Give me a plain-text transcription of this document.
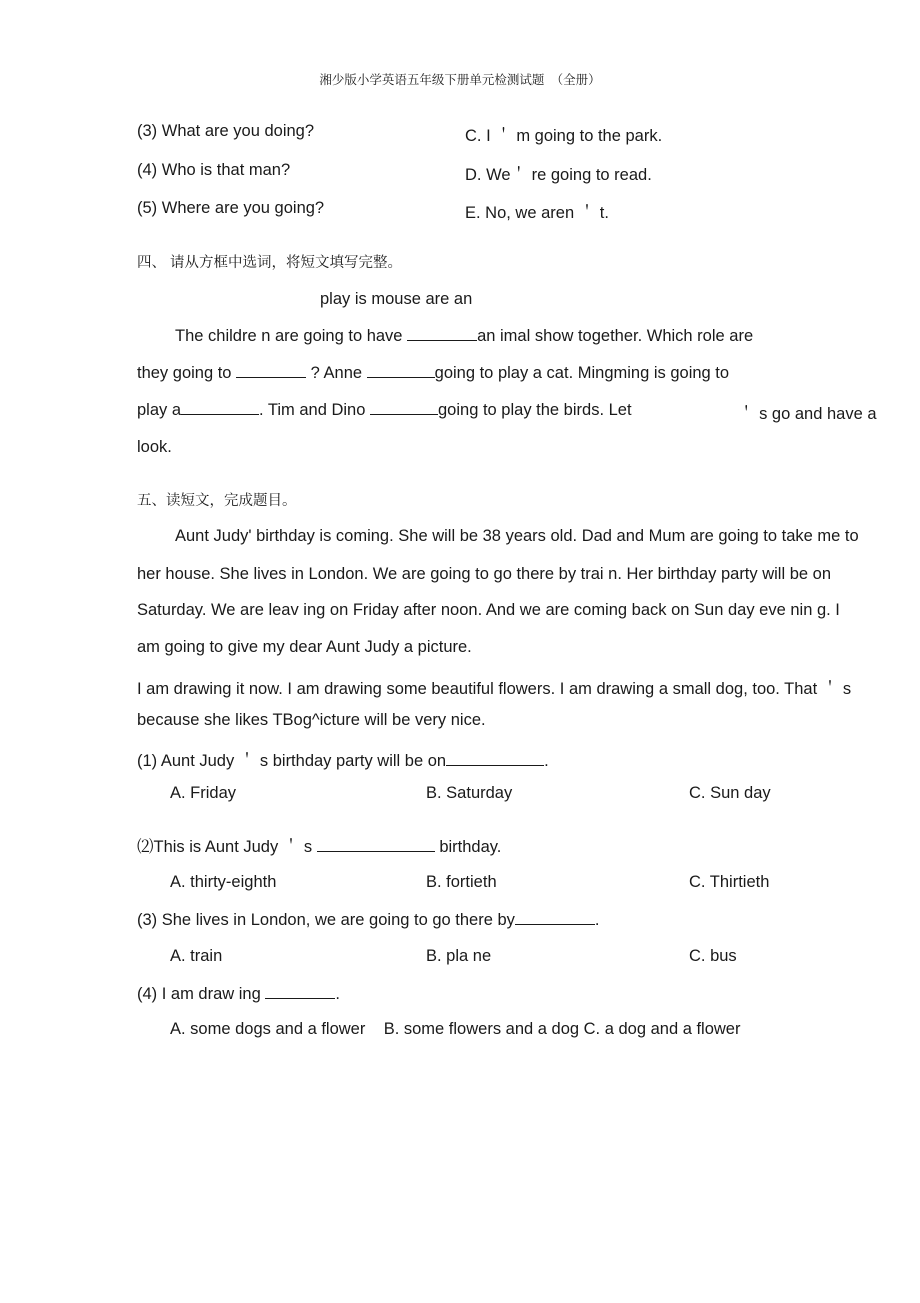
湘少版小学英语五年级下册单元检测试题　（全册）
(3) What are you doing?	C. I ＇ m going to the park.
(4) Who is that man?	D. We＇ re going to read.
(5) Where are you going?	E. No, we aren ＇ t.
四、 请从方框中选词，将短文填写完整。
play is mouse are an
The childre n are going to have	an imal show together. Which role are
they going to	? Anne	going to play a cat. Mingming is going to
play a	. Tim and Dino	going to play the birds. Let	＇ s go and have a
look.
五、读短文，完成题目。
Aunt Judy' birthday is coming. She will be 38 years old. Dad and Mum are going to take me to
her house. She lives in London. We are going to go there by trai n. Her birthday party will be on
Saturday. We are leav ing on Friday after noon. And we are coming back on Sun day eve nin g. I
am going to give my dear Aunt Judy a picture.
I am drawing it now. I am drawing some beautiful flowers. I am drawing a small dog, too. That ＇ s
because she likes TBog^icture will be very nice.
(1) Aunt Judy ＇ s birthday party will be on	.
A. Friday	B. Saturday	C. Sun day
⑵This is Aunt Judy ＇ s	birthday.
A. thirty-eighth	B. fortieth	C. Thirtieth
(3) She lives in London, we are going to go there by	.
A. train	B. pla ne	C. bus
(4) I am draw ing	.
A. some dogs and a flower    B. some flowers and a dog C. a dog and a flower
